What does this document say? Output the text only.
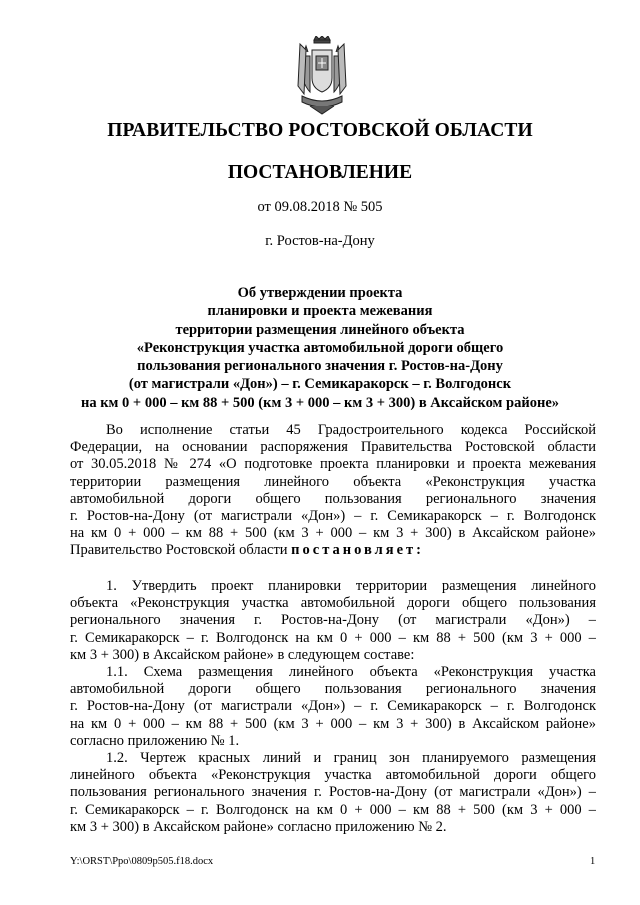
ПРАВИТЕЛЬСТВО РОСТОВСКОЙ ОБЛАСТИ
ПОСТАНОВЛЕНИЕ
от 09.08.2018 № 505
г. Ростов-на-Дону
Об утверждении проекта
планировки и проекта межевания
территории размещения линейного объекта
«Реконструкция участка автомобильной дороги общего
пользования регионального значения г. Ростов-на-Дону
(от магистрали «Дон») – г. Семикаракорск – г. Волгодонск
на км 0 + 000 – км 88 + 500 (км 3 + 000 – км 3 + 300) в Аксайском районе»
Во исполнение статьи 45 Градостроительного кодекса Российской
Федерации, на основании распоряжения Правительства Ростовской области
от 30.05.2018 № 274 «О подготовке проекта планировки и проекта межевания
территории размещения линейного объекта «Реконструкция участка
автомобильной дороги общего пользования регионального значения
г. Ростов-на-Дону (от магистрали «Дон») – г. Семикаракорск – г. Волгодонск
на км 0 + 000 – км 88 + 500 (км 3 + 000 – км 3 + 300) в Аксайском районе»
Правительство Ростовской области постановляет:
1. Утвердить проект планировки территории размещения линейного
объекта «Реконструкция участка автомобильной дороги общего пользования
регионального значения г. Ростов-на-Дону (от магистрали «Дон») –
г. Семикаракорск – г. Волгодонск на км 0 + 000 – км 88 + 500 (км 3 + 000 –
км 3 + 300) в Аксайском районе» в следующем составе:
1.1. Схема размещения линейного объекта «Реконструкция участка
автомобильной дороги общего пользования регионального значения
г. Ростов-на-Дону (от магистрали «Дон») – г. Семикаракорск – г. Волгодонск
на км 0 + 000 – км 88 + 500 (км 3 + 000 – км 3 + 300) в Аксайском районе»
согласно приложению № 1.
1.2. Чертеж красных линий и границ зон планируемого размещения
линейного объекта «Реконструкция участка автомобильной дороги общего
пользования регионального значения г. Ростов-на-Дону (от магистрали «Дон») –
г. Семикаракорск – г. Волгодонск на км 0 + 000 – км 88 + 500 (км 3 + 000 –
км 3 + 300) в Аксайском районе» согласно приложению № 2.
Y:\ORST\Ppo\0809p505.f18.docx	1
